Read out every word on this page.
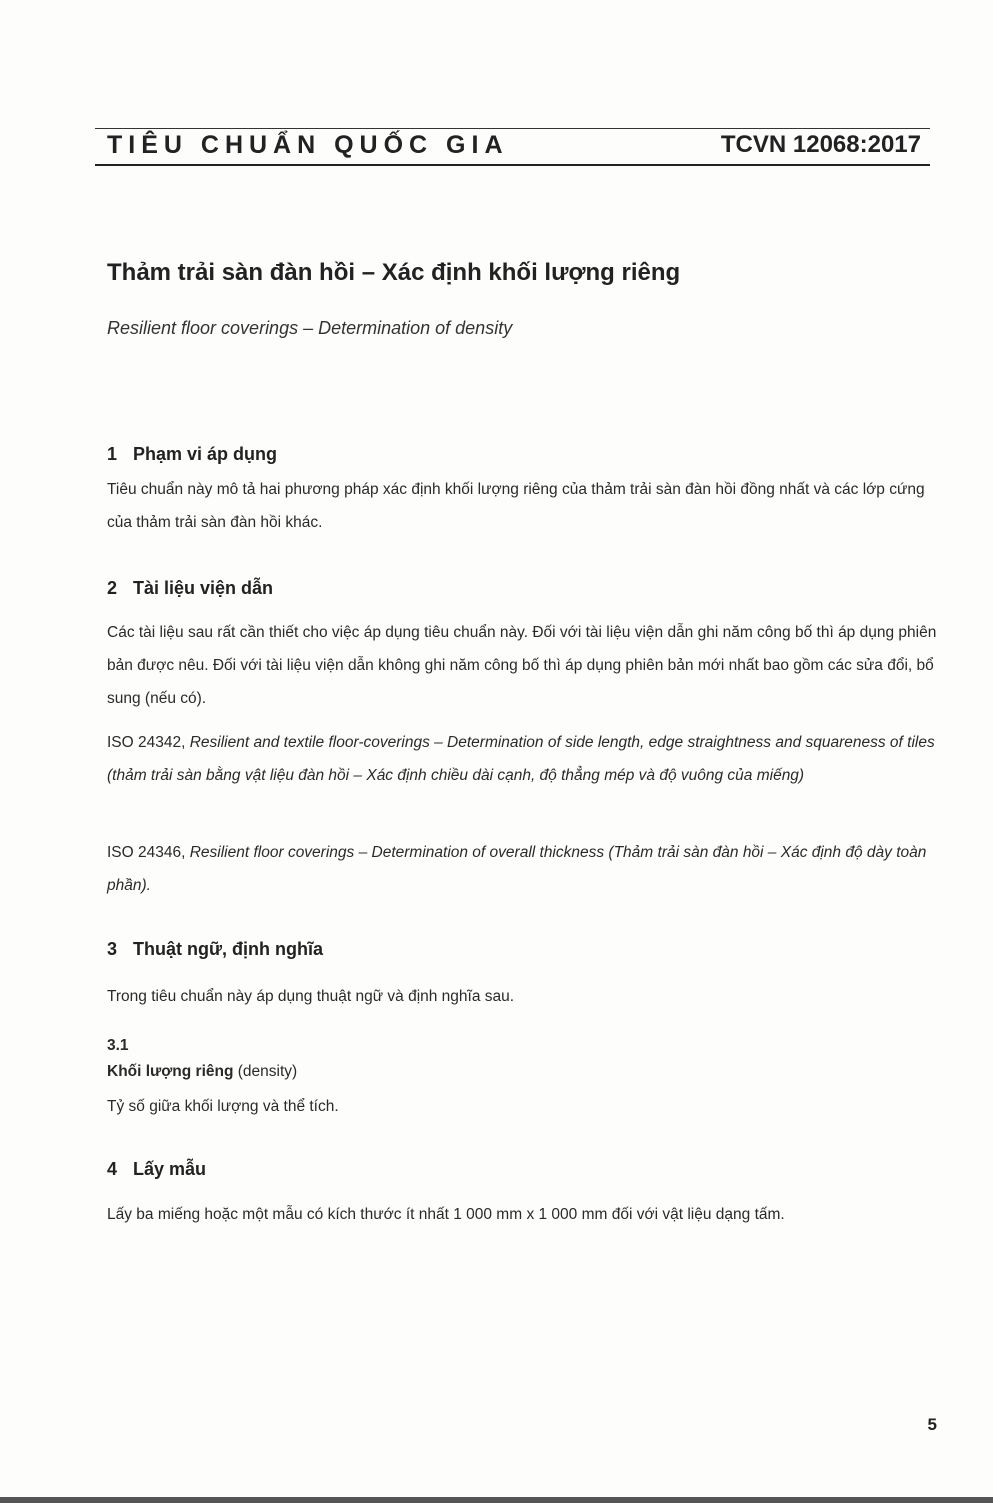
TIÊU CHUẨN QUỐC GIA	TCVN 12068:2017
Thảm trải sàn đàn hồi – Xác định khối lượng riêng
Resilient floor coverings – Determination of density
1 Phạm vi áp dụng
Tiêu chuẩn này mô tả hai phương pháp xác định khối lượng riêng của thảm trải sàn đàn hồi đồng nhất và các lớp cứng của thảm trải sàn đàn hồi khác.
2 Tài liệu viện dẫn
Các tài liệu sau rất cần thiết cho việc áp dụng tiêu chuẩn này. Đối với tài liệu viện dẫn ghi năm công bố thì áp dụng phiên bản được nêu. Đối với tài liệu viện dẫn không ghi năm công bố thì áp dụng phiên bản mới nhất bao gồm các sửa đổi, bổ sung (nếu có).
ISO 24342, Resilient and textile floor-coverings – Determination of side length, edge straightness and squareness of tiles (thảm trải sàn bằng vật liệu đàn hồi – Xác định chiều dài cạnh, độ thẳng mép và độ vuông của miếng)
ISO 24346, Resilient floor coverings – Determination of overall thickness (Thảm trải sàn đàn hồi – Xác định độ dày toàn phần).
3 Thuật ngữ, định nghĩa
Trong tiêu chuẩn này áp dụng thuật ngữ và định nghĩa sau.
3.1
Khối lượng riêng (density)
Tỷ số giữa khối lượng và thể tích.
4 Lấy mẫu
Lấy ba miếng hoặc một mẫu có kích thước ít nhất 1 000 mm x 1 000 mm đối với vật liệu dạng tấm.
5
